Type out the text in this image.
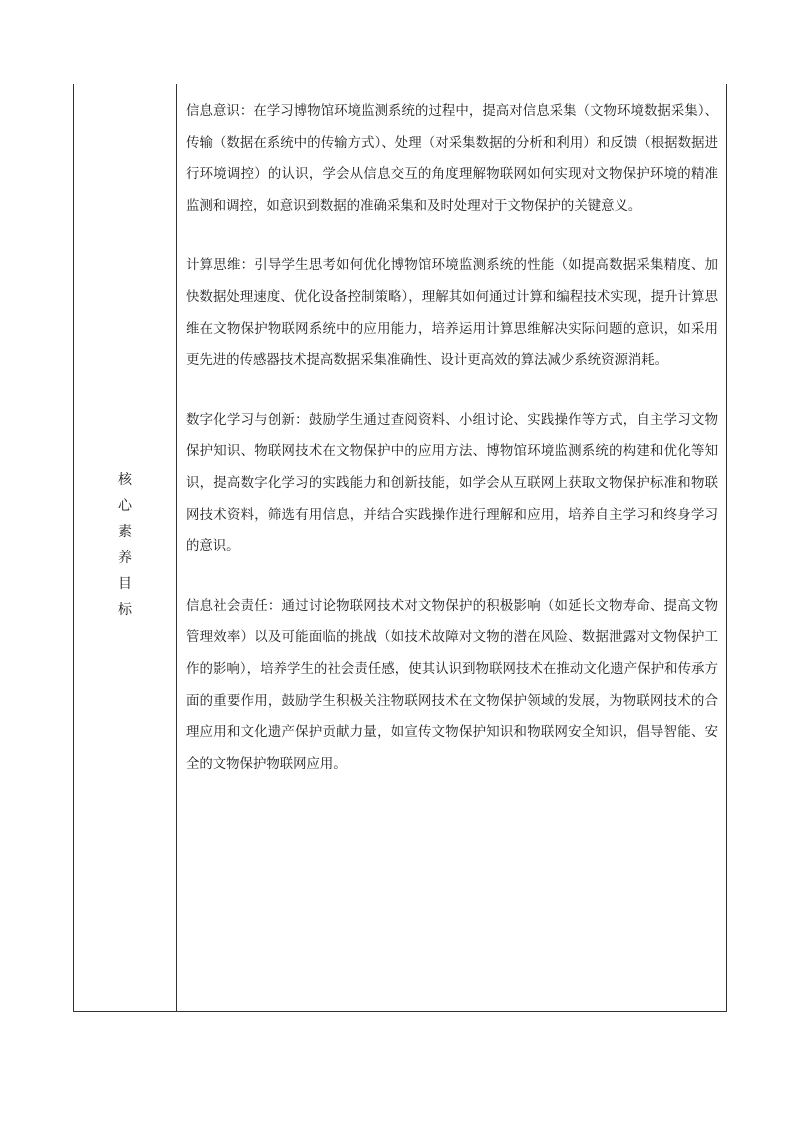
核
心
素
养
目
标

信息意识：在学习博物馆环境监测系统的过程中，提高对信息采集（文物环境数据采集）、传输（数据在系统中的传输方式）、处理（对采集数据的分析和利用）和反馈（根据数据进行环境调控）的认识，学会从信息交互的角度理解物联网如何实现对文物保护环境的精准监测和调控，如意识到数据的准确采集和及时处理对于文物保护的关键意义。

计算思维：引导学生思考如何优化博物馆环境监测系统的性能（如提高数据采集精度、加快数据处理速度、优化设备控制策略），理解其如何通过计算和编程技术实现，提升计算思维在文物保护物联网系统中的应用能力，培养运用计算思维解决实际问题的意识，如采用更先进的传感器技术提高数据采集准确性、设计更高效的算法减少系统资源消耗。

数字化学习与创新：鼓励学生通过查阅资料、小组讨论、实践操作等方式，自主学习文物保护知识、物联网技术在文物保护中的应用方法、博物馆环境监测系统的构建和优化等知识，提高数字化学习的实践能力和创新技能，如学会从互联网上获取文物保护标准和物联网技术资料，筛选有用信息，并结合实践操作进行理解和应用，培养自主学习和终身学习的意识。

信息社会责任：通过讨论物联网技术对文物保护的积极影响（如延长文物寿命、提高文物管理效率）以及可能面临的挑战（如技术故障对文物的潜在风险、数据泄露对文物保护工作的影响），培养学生的社会责任感，使其认识到物联网技术在推动文化遗产保护和传承方面的重要作用，鼓励学生积极关注物联网技术在文物保护领域的发展，为物联网技术的合理应用和文化遗产保护贡献力量，如宣传文物保护知识和物联网安全知识，倡导智能、安全的文物保护物联网应用。
